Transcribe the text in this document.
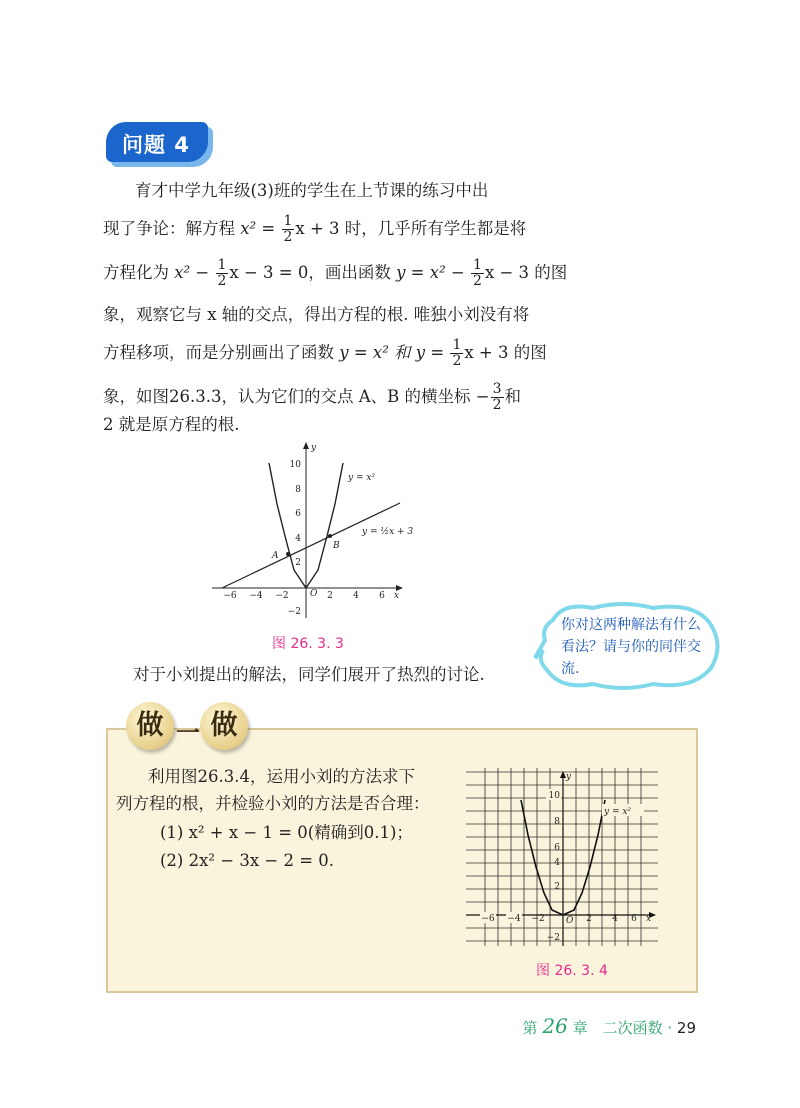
问题 4
育才中学九年级(3)班的学生在上节课的练习中出
现了争论：解方程 $x^2 = \frac{1}{2}$ x + 3 时，几乎所有学生都是将
方程化为 $x^2 - \frac{1}{2}$ x − 3 = 0，画出函数 $y = x^2 - \frac{1}{2}$ x − 3 的图
象，观察它与 x 轴的交点，得出方程的根. 唯独小刘没有将
方程移项，而是分别画出了函数 y = x² 和 $y = \frac{1}{2}$ x + 3 的图
象，如图26.3.3，认为它们的交点 A、B 的横坐标 − $\frac{3}{2}$ 和
2 就是原方程的根.
−6 −4 −2	2 4 6
10
8
6
4
2
−2
O	x
y
y = x²
y = ½x + 3
A
B
图 26. 3. 3
你对这两种解法有什么看法？请与你的同伴交流.
对于小刘提出的解法，同学们展开了热烈的讨论.
做 一 做
利用图26.3.4，运用小刘的方法求下
列方程的根，并检验小刘的方法是否合理：
(1) x² + x − 1 = 0(精确到0.1)；
(2) 2x² − 3x − 2 = 0.
−6 −4 −2	2 4 6
10
8
6
4
2
−2
O	x
y
y = x²
图 26. 3. 4
第 26 章　二次函数 · 29
